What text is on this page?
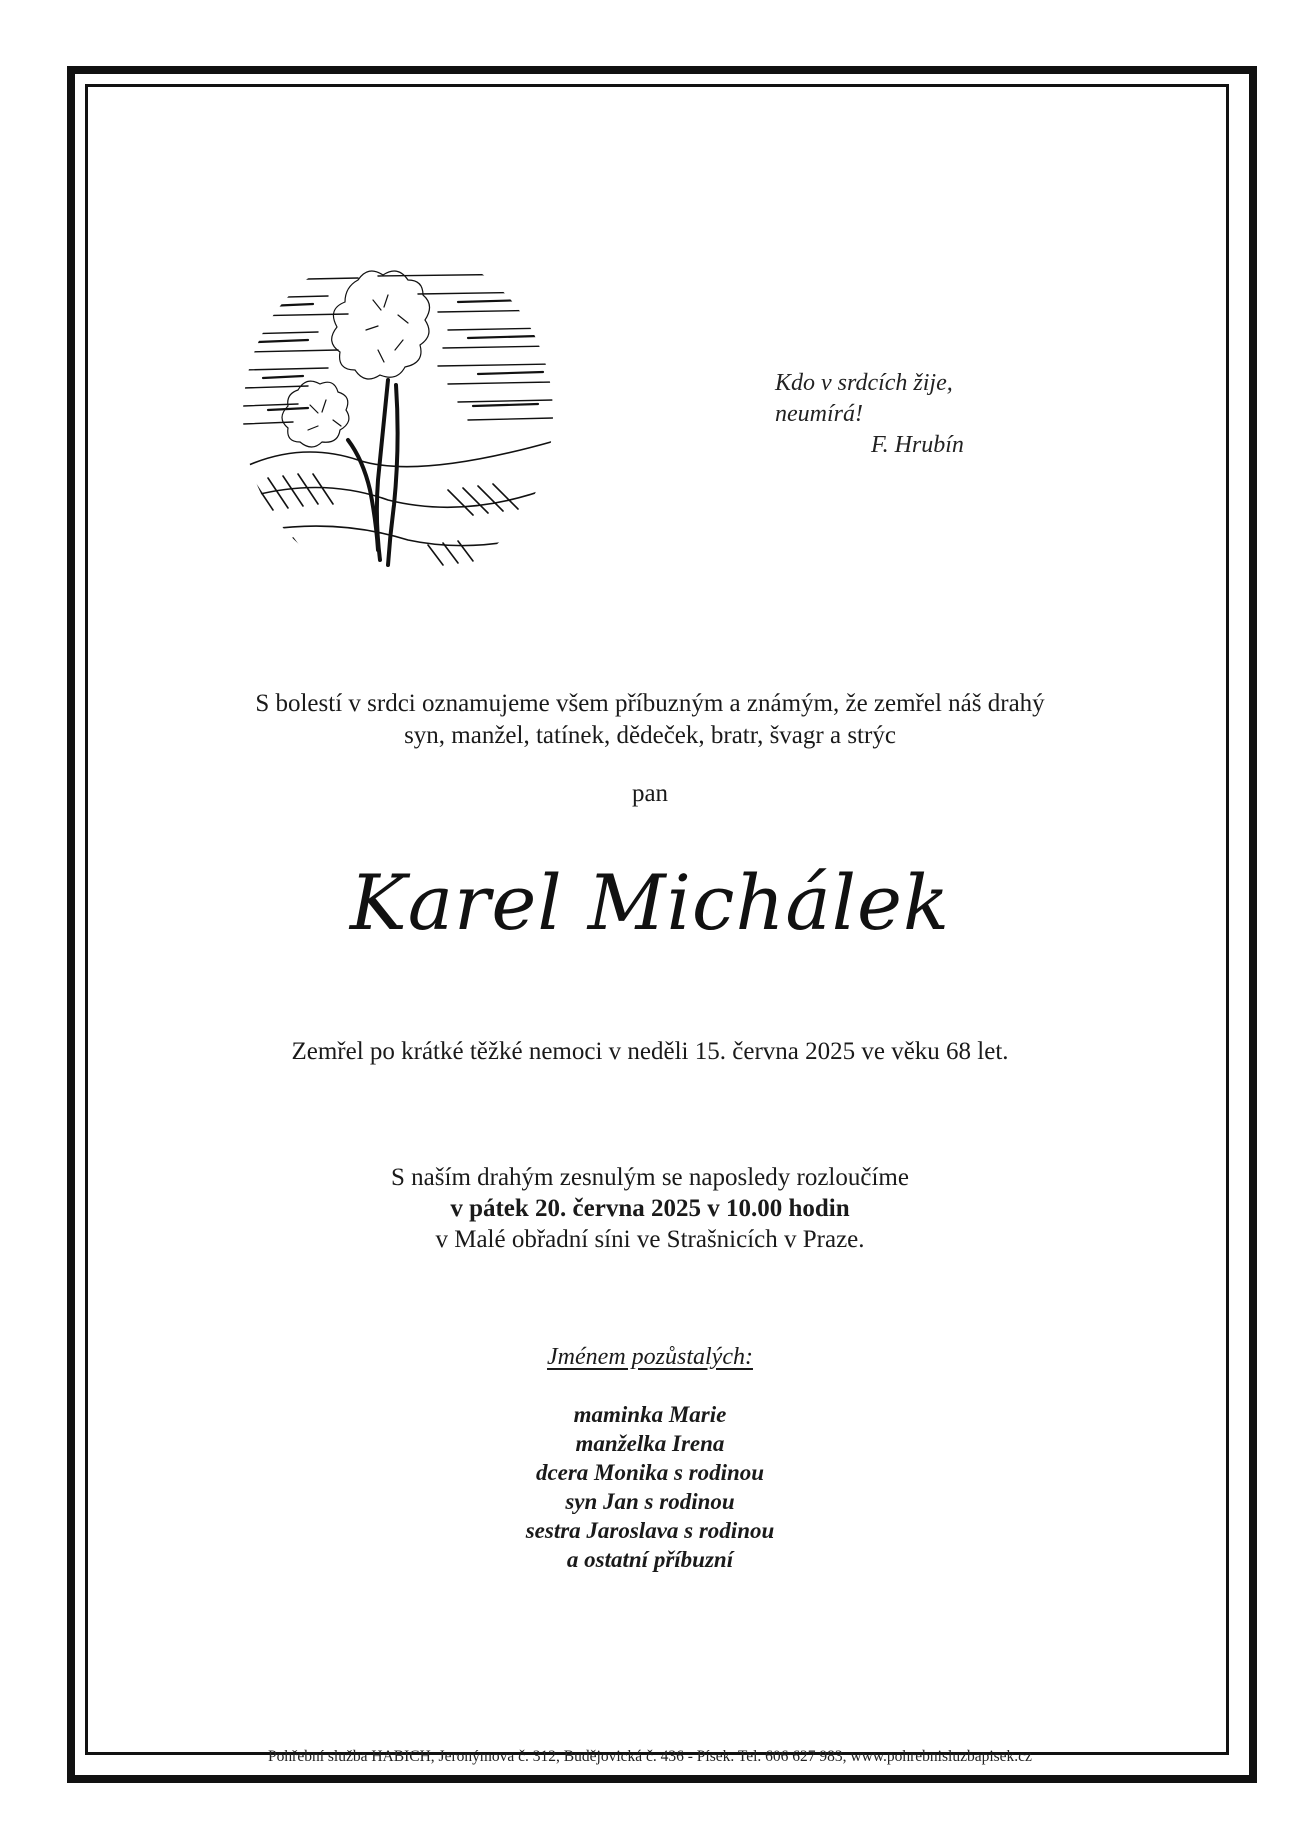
Kdo v srdcích žije,
neumírá!

F. Hrubín
S bolestí v srdci oznamujeme všem příbuzným a známým, že zemřel náš drahý
syn, manžel, tatínek, dědeček, bratr, švagr a strýc
pan
Karel Michálek
Zemřel po krátké těžké nemoci v neděli 15. června 2025 ve věku 68 let.
S naším drahým zesnulým se naposledy rozloučíme
v pátek 20. června 2025 v 10.00 hodin
v Malé obřadní síni ve Strašnicích v Praze.
Jménem pozůstalých:
maminka Marie
manželka Irena
dcera Monika s rodinou
syn Jan s rodinou
sestra Jaroslava s rodinou
a ostatní příbuzní
Pohřební služba HABICH, Jeronýmova č. 312, Budějovická č. 436 - Písek. Tel. 606 627 983, www.pohrebnisluzbapisek.cz
